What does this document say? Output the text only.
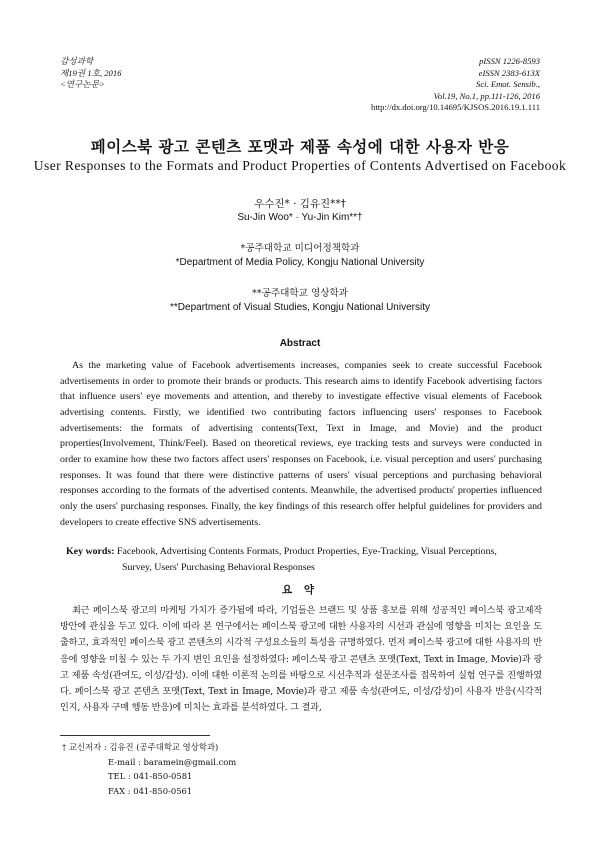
감성과학
제19권 1호, 2016
<연구논문>
pISSN 1226-8593
eISSN 2383-613X
Sci. Emot. Sensib.,
Vol.19, No.1, pp.111-126, 2016
http://dx.doi.org/10.14695/KJSOS.2016.19.1.111
페이스북 광고 콘텐츠 포맷과 제품 속성에 대한 사용자 반응
User Responses to the Formats and Product Properties of Contents Advertised on Facebook
우수진* · 김유진**†
Su-Jin Woo* · Yu-Jin Kim**†
*공주대학교 미디어정책학과
*Department of Media Policy, Kongju National University
**공주대학교 영상학과
**Department of Visual Studies, Kongju National University
Abstract
As the marketing value of Facebook advertisements increases, companies seek to create successful Facebook advertisements in order to promote their brands or products. This research aims to identify Facebook advertising factors that influence users' eye movements and attention, and thereby to investigate effective visual elements of Facebook advertising contents. Firstly, we identified two contributing factors influencing users' responses to Facebook advertisements: the formats of advertising contents(Text, Text in Image, and Movie) and the product properties(Involvement, Think/Feel). Based on theoretical reviews, eye tracking tests and surveys were conducted in order to examine how these two factors affect users' responses on Facebook, i.e. visual perception and users' purchasing responses. It was found that there were distinctive patterns of users' visual perceptions and purchasing behavioral responses according to the formats of the advertised contents. Meanwhile, the advertised products' properties influenced only the users' purchasing responses. Finally, the key findings of this research offer helpful guidelines for providers and developers to create effective SNS advertisements.
Key words: Facebook, Advertising Contents Formats, Product Properties, Eye-Tracking, Visual Perceptions,
Survey, Users' Purchasing Behavioral Responses
요 약
최근 페이스북 광고의 마케팅 가치가 증가됨에 따라, 기업들은 브랜드 및 상품 홍보를 위해 성공적인 페이스북 광고제작 방안에 관심을 두고 있다. 이에 따라 본 연구에서는 페이스북 광고에 대한 사용자의 시선과 관심에 영향을 미치는 요인을 도출하고, 효과적인 페이스북 광고 콘텐츠의 시각적 구성요소들의 특성을 규명하였다. 먼저 페이스북 광고에 대한 사용자의 반응에 영향을 미칠 수 있는 두 가지 변인 요인을 설정하였다: 페이스북 광고 콘텐츠 포맷(Text, Text in Image, Movie)과 광고 제품 속성(관여도, 이성/감성). 이에 대한 이론적 논의를 바탕으로 시선추적과 설문조사를 접목하여 실험 연구를 진행하였다. 페이스북 광고 콘텐츠 포맷(Text, Text in Image, Movie)과 광고 제품 속성(관여도, 이성/감성)이 사용자 반응(시각적 인지, 사용자 구매 행동 반응)에 미치는 효과를 분석하였다. 그 결과,
† 교신저자 : 김유진 (공주대학교 영상학과)
E-mail : baramein@gmail.com
TEL : 041-850-0581
FAX : 041-850-0561
